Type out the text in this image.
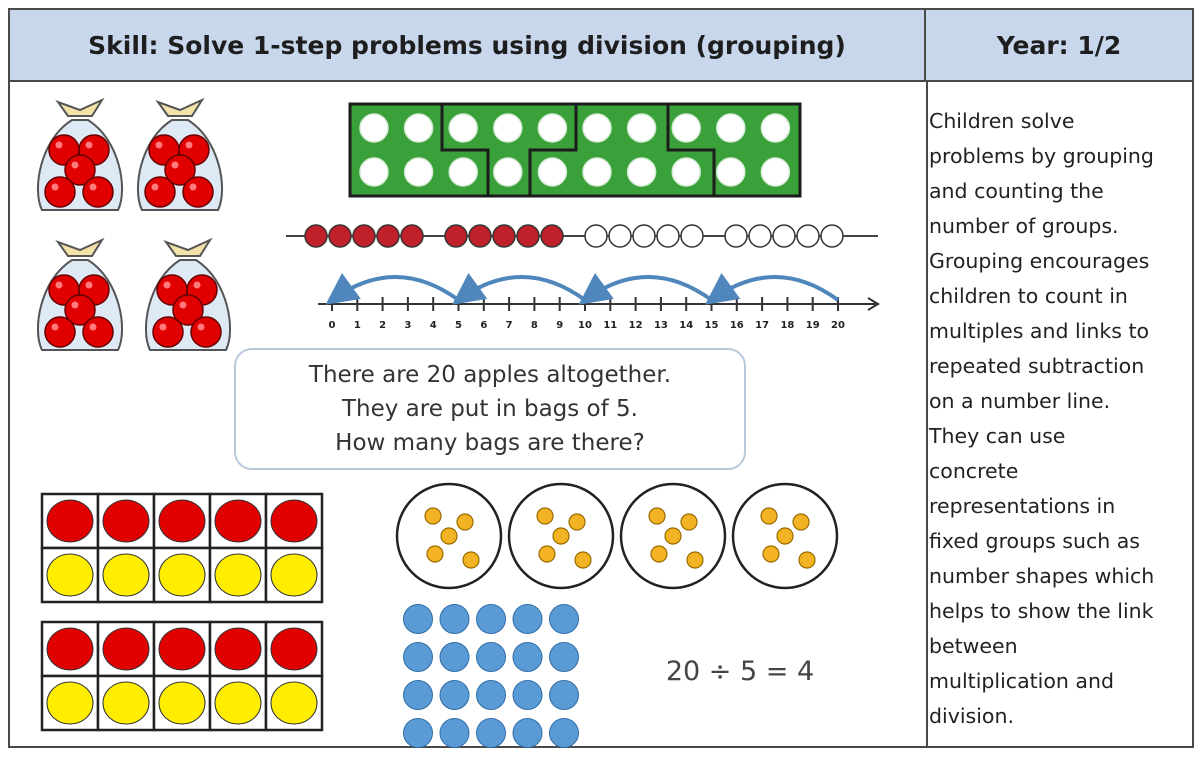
Skill: Solve 1-step problems using division (grouping)	Year: 1/2
Children solve
problems by grouping
and counting the
number of groups.
Grouping encourages
children to count in
multiples and links to
repeated subtraction
on a number line.
They can use
concrete
representations in
fixed groups such as
number shapes which
helps to show the link
between
multiplication and
division.
0 1 2 3 4 5 6 7 8 9 10 11 12 13 14 15 16 17 18 19 20
There are 20 apples altogether.
They are put in bags of 5.
How many bags are there?
20 ÷ 5 = 4
